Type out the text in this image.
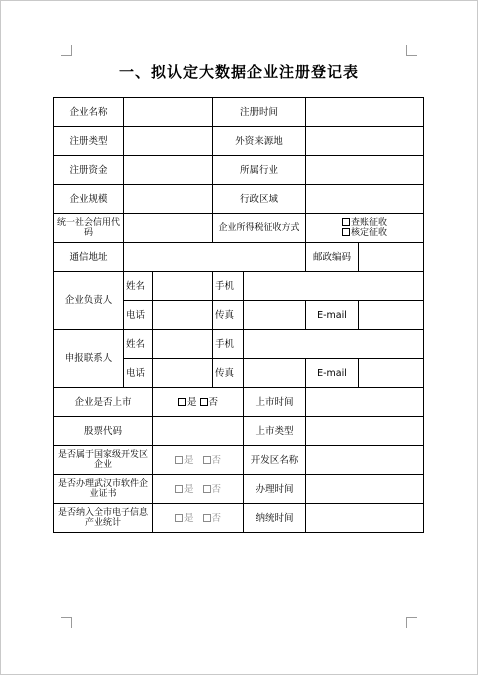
一、拟认定大数据企业注册登记表
企业名称			注册时间			
注册类型			外资来源地			
注册资金			所属行业			
企业规模			行政区域			
统一社会信用代码			企业所得税征收方式		查账征收
核定征收	

通信地址					邮政编码	
企业负责人	姓名		手机			
	电话		传真		E-mail	
申报联系人	姓名		手机			
	电话		传真		E-mail	
企业是否上市		是 否		上市时间		
股票代码				上市类型		
是否属于国家级开发区企业		是 否		开发区名称		
是否办理武汉市软件企业证书		是 否		办理时间		
是否纳入全市电子信息产业统计		是 否		纳统时间		
